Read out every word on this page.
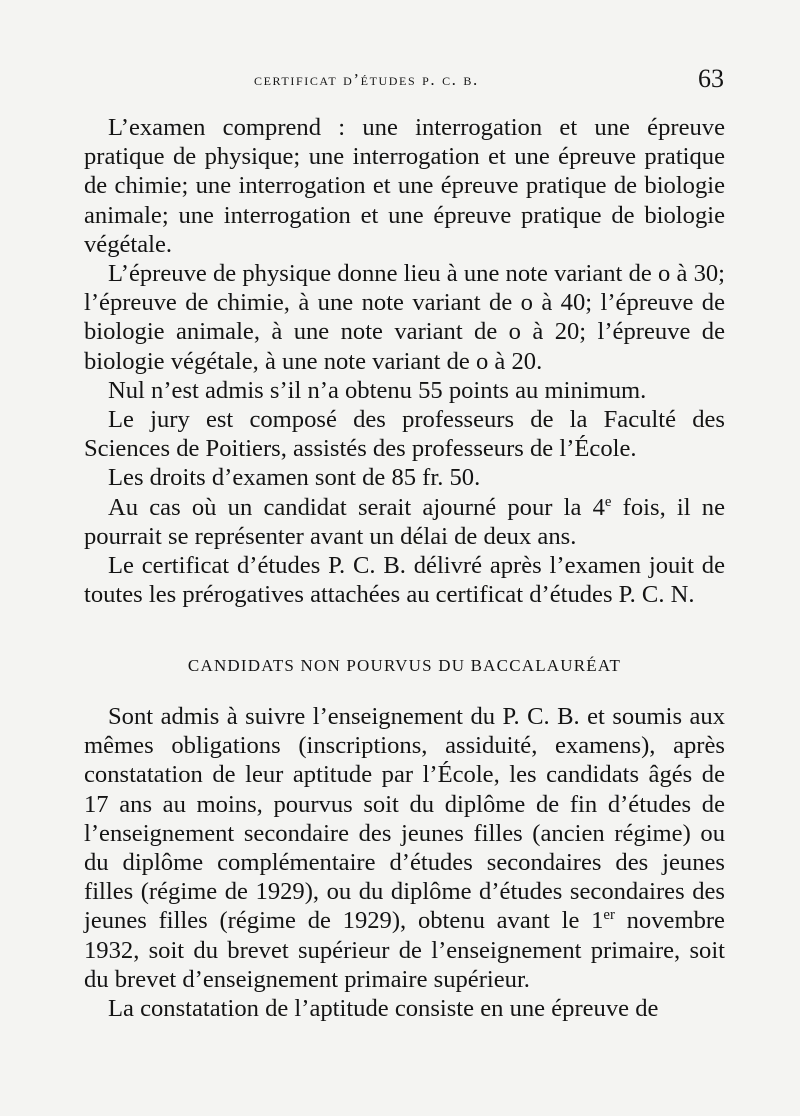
certificat d’études p. c. b.	63

L’examen comprend : une interrogation et une épreuve pratique de physique; une interrogation et une épreuve pratique de chimie; une interrogation et une épreuve pratique de biologie animale; une interrogation et une épreuve pratique de biologie végétale.

L’épreuve de physique donne lieu à une note variant de o à 30; l’épreuve de chimie, à une note variant de o à 40; l’épreuve de biologie animale, à une note variant de o à 20; l’épreuve de biologie végétale, à une note variant de o à 20.

Nul n’est admis s’il n’a obtenu 55 points au minimum.

Le jury est composé des professeurs de la Faculté des Sciences de Poitiers, assistés des professeurs de l’École.

Les droits d’examen sont de 85 fr. 50.

Au cas où un candidat serait ajourné pour la 4e fois, il ne pourrait se représenter avant un délai de deux ans.

Le certificat d’études P. C. B. délivré après l’examen jouit de toutes les prérogatives attachées au certificat d’études P. C. N.

CANDIDATS NON POURVUS DU BACCALAURÉAT

Sont admis à suivre l’enseignement du P. C. B. et soumis aux mêmes obligations (inscriptions, assiduité, examens), après constatation de leur aptitude par l’École, les candidats âgés de 17 ans au moins, pourvus soit du diplôme de fin d’études de l’enseignement secondaire des jeunes filles (ancien régime) ou du diplôme complémentaire d’études secondaires des jeunes filles (régime de 1929), ou du diplôme d’études secondaires des jeunes filles (régime de 1929), obtenu avant le 1er novembre 1932, soit du brevet supérieur de l’enseignement primaire, soit du brevet d’enseignement primaire supérieur.

La constatation de l’aptitude consiste en une épreuve de
